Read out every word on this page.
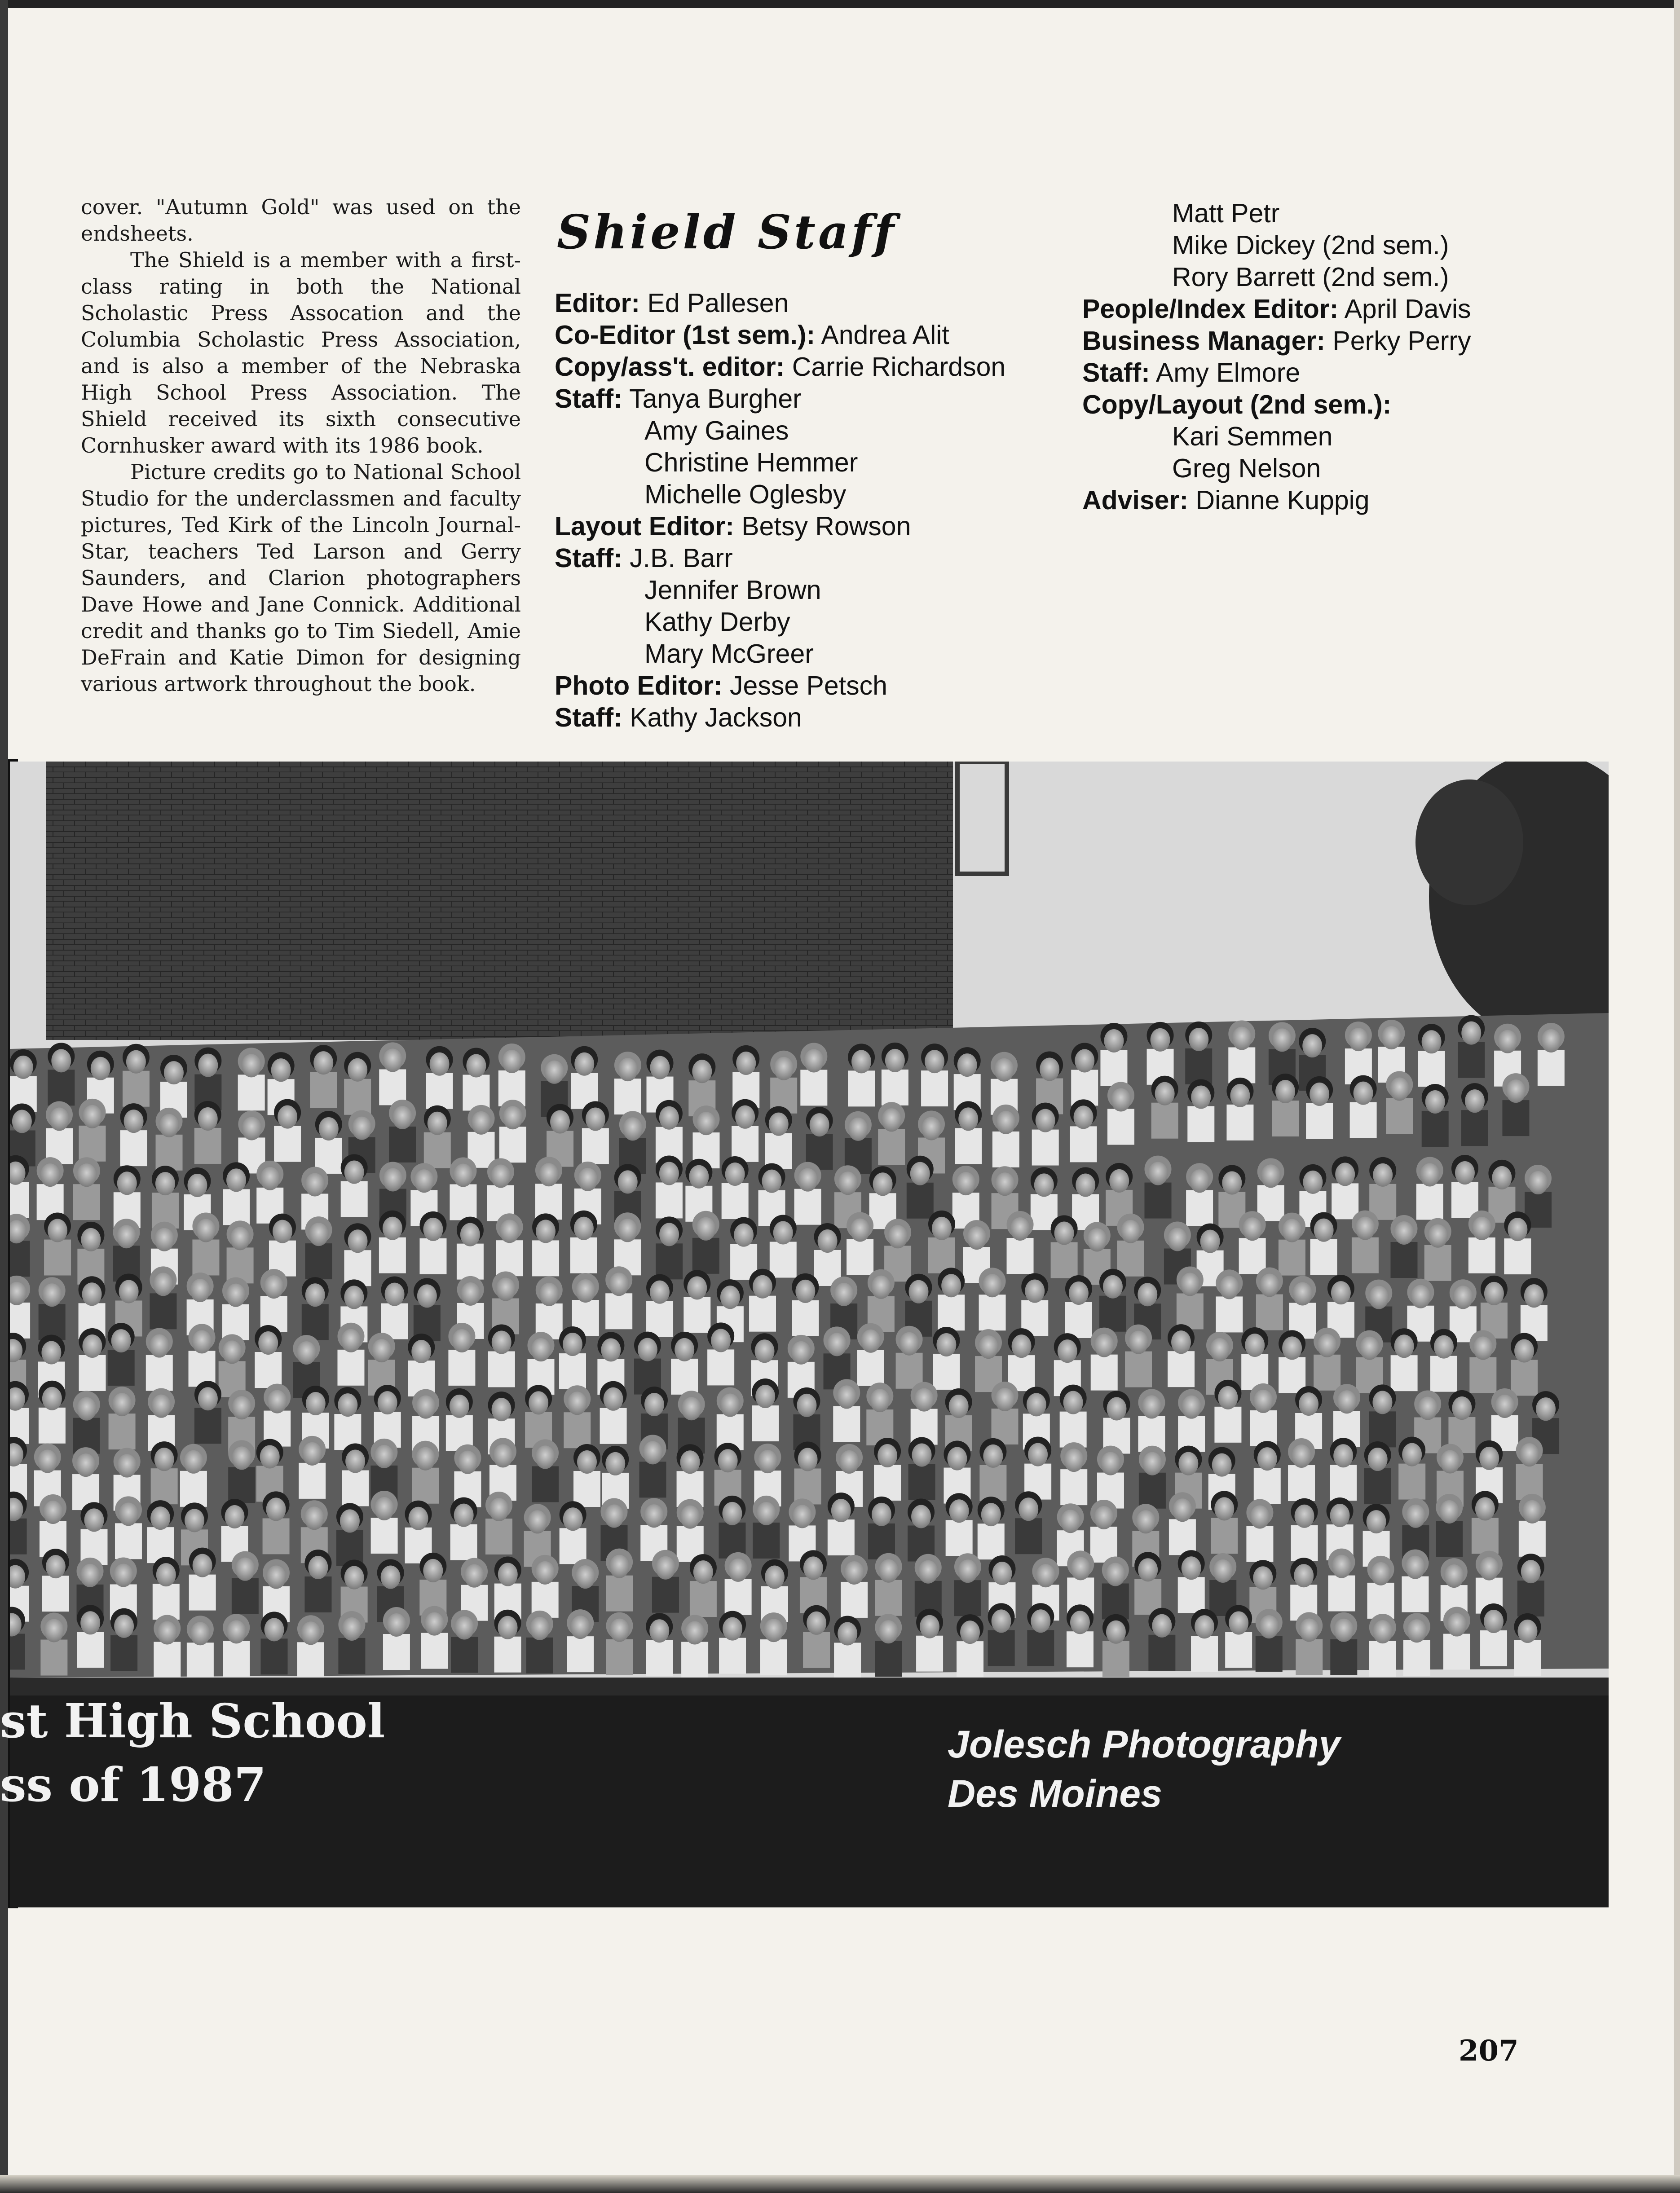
cover. "Autumn Gold" was used on the endsheets.

The Shield is a member with a first-class rating in both the National Scholastic Press Assocation and the Columbia Scholastic Press Association, and is also a member of the Nebraska High School Press Association. The Shield received its sixth consecutive Cornhusker award with its 1986 book.

Picture credits go to National School Studio for the underclassmen and faculty pictures, Ted Kirk of the Lincoln Journal-Star, teachers Ted Larson and Gerry Saunders, and Clarion photographers Dave Howe and Jane Connick. Additional credit and thanks go to Tim Siedell, Amie DeFrain and Katie Dimon for designing various artwork throughout the book.

Shield Staff
Editor: Ed Pallesen
Co-Editor (1st sem.): Andrea Alit
Copy/ass't. editor: Carrie Richardson
Staff: Tanya Burgher
Amy Gaines
Christine Hemmer
Michelle Oglesby
Layout Editor: Betsy Rowson
Staff: J.B. Barr
Jennifer Brown
Kathy Derby
Mary McGreer
Photo Editor: Jesse Petsch
Staff: Kathy Jackson
Matt Petr
Mike Dickey (2nd sem.)
Rory Barrett (2nd sem.)
People/Index Editor: April Davis
Business Manager: Perky Perry
Staff: Amy Elmore
Copy/Layout (2nd sem.):
Kari Semmen
Greg Nelson
Adviser: Dianne Kuppig
st High School
ss of 1987
Jolesch Photography
Des Moines
207
